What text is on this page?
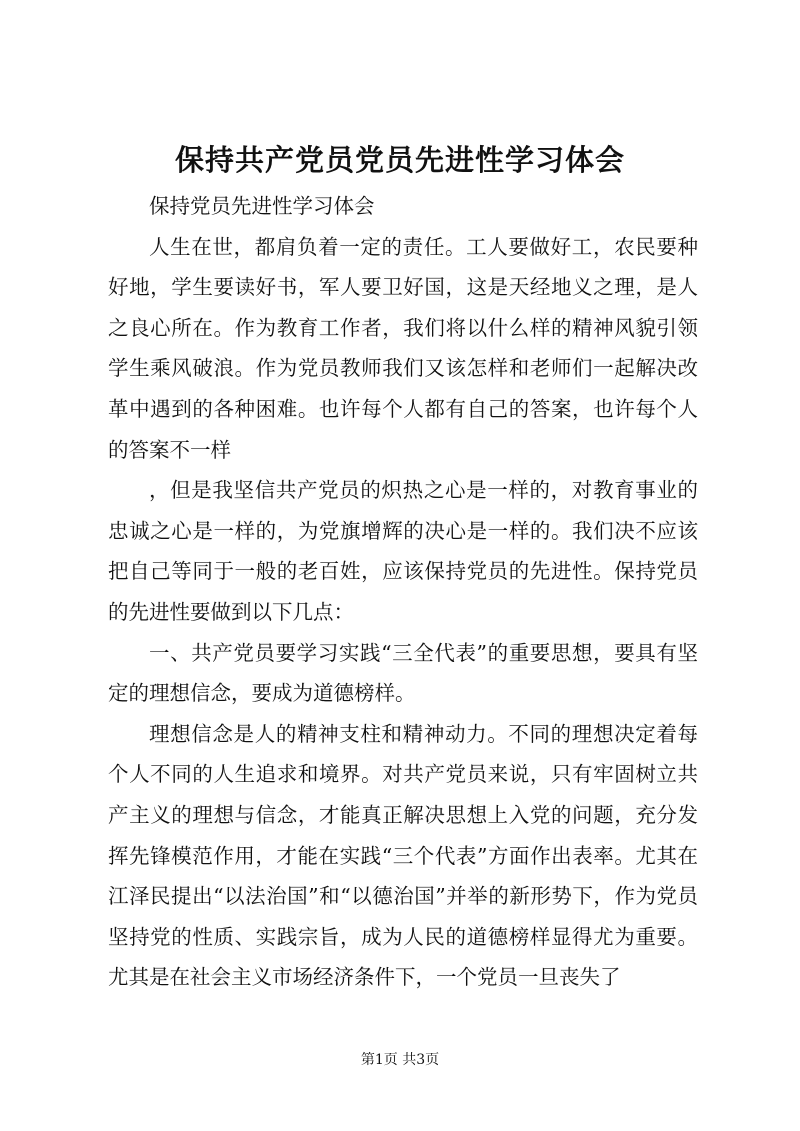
保持共产党员党员先进性学习体会

保持党员先进性学习体会

人生在世，都肩负着一定的责任。工人要做好工，农民要种好地，学生要读好书，军人要卫好国，这是天经地义之理，是人之良心所在。作为教育工作者，我们将以什么样的精神风貌引领学生乘风破浪。作为党员教师我们又该怎样和老师们一起解决改革中遇到的各种困难。也许每个人都有自己的答案，也许每个人的答案不一样

，但是我坚信共产党员的炽热之心是一样的，对教育事业的忠诚之心是一样的，为党旗增辉的决心是一样的。我们决不应该把自己等同于一般的老百姓，应该保持党员的先进性。保持党员的先进性要做到以下几点：

一、共产党员要学习实践“三全代表”的重要思想，要具有坚定的理想信念，要成为道德榜样。

理想信念是人的精神支柱和精神动力。不同的理想决定着每个人不同的人生追求和境界。对共产党员来说，只有牢固树立共产主义的理想与信念，才能真正解决思想上入党的问题，充分发挥先锋模范作用，才能在实践“三个代表”方面作出表率。尤其在江泽民提出“以法治国”和“以德治国”并举的新形势下，作为党员坚持党的性质、实践宗旨，成为人民的道德榜样显得尤为重要。尤其是在社会主义市场经济条件下，一个党员一旦丧失了

第1页 共3页
